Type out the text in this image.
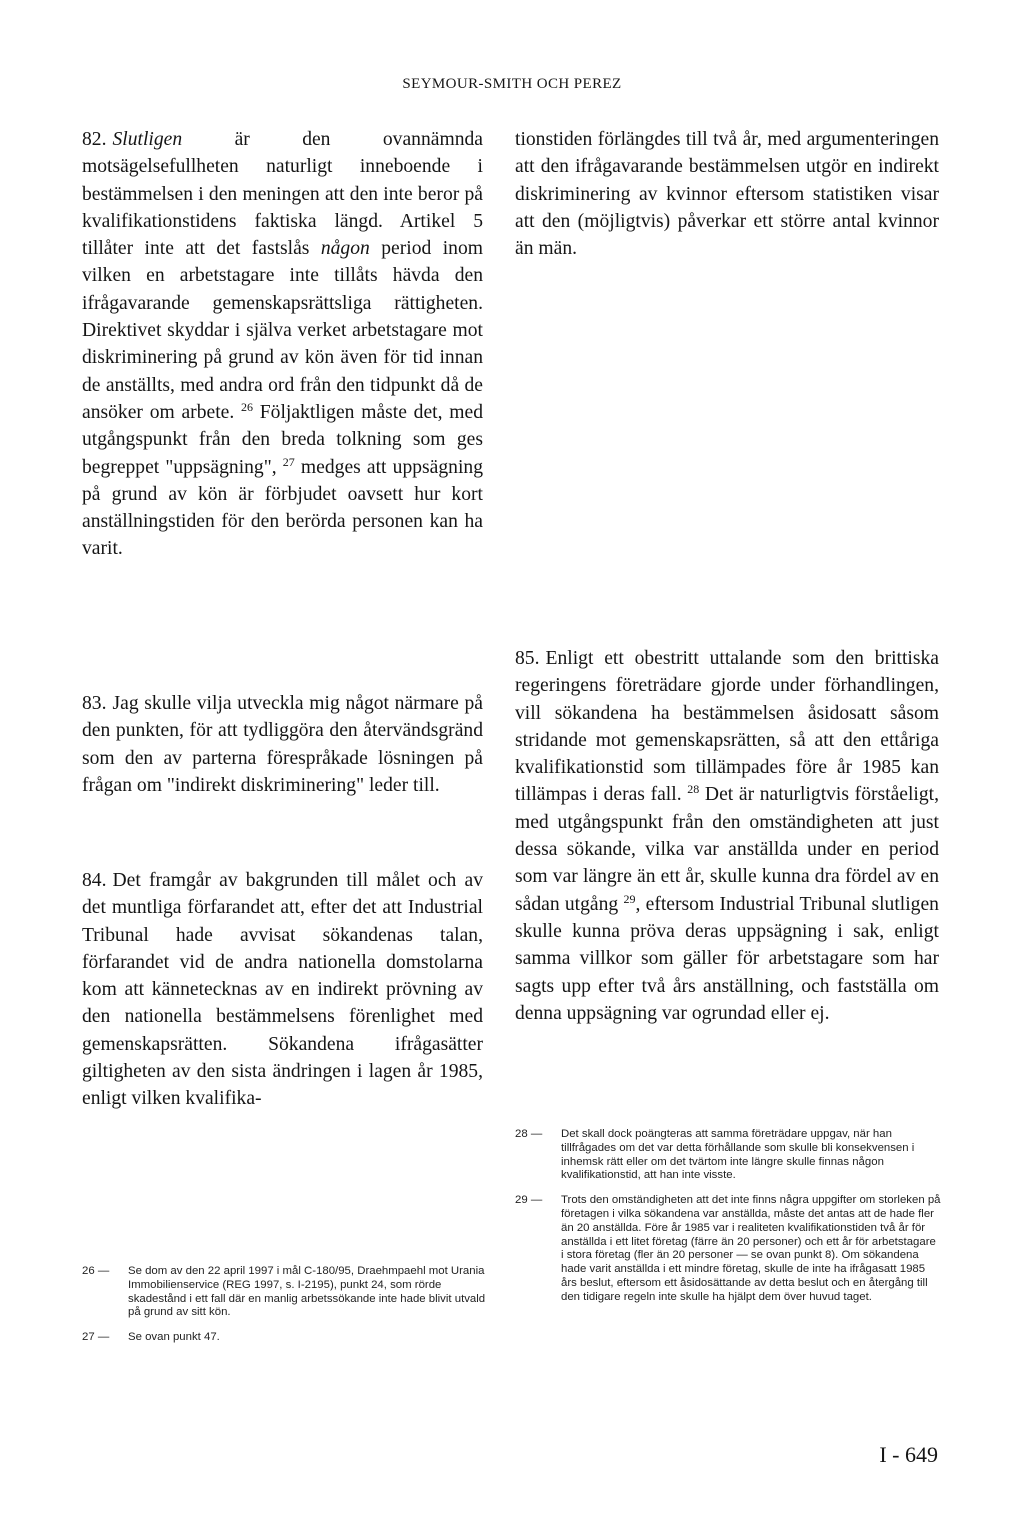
SEYMOUR-SMITH OCH PEREZ

82. Slutligen är den ovannämnda motsägelsefullheten naturligt inneboende i bestämmelsen i den meningen att den inte beror på kvalifikationstidens faktiska längd. Artikel 5 tillåter inte att det fastslås någon period inom vilken en arbetstagare inte tillåts hävda den ifrågavarande gemenskapsrättsliga rättigheten. Direktivet skyddar i själva verket arbetstagare mot diskriminering på grund av kön även för tid innan de anställts, med andra ord från den tidpunkt då de ansöker om arbete. $^{26}$ Följaktligen måste det, med utgångspunkt från den breda tolkning som ges begreppet "uppsägning", $^{27}$ medges att uppsägning på grund av kön är förbjudet oavsett hur kort anställningstiden för den berörda personen kan ha varit.

tionstiden förlängdes till två år, med argumenteringen att den ifrågavarande bestämmelsen utgör en indirekt diskriminering av kvinnor eftersom statistiken visar att den (möjligtvis) påverkar ett större antal kvinnor än män.

83. Jag skulle vilja utveckla mig något närmare på den punkten, för att tydliggöra den återvändsgränd som den av parterna förespråkade lösningen på frågan om "indirekt diskriminering" leder till.

84. Det framgår av bakgrunden till målet och av det muntliga förfarandet att, efter det att Industrial Tribunal hade avvisat sökandenas talan, förfarandet vid de andra nationella domstolarna kom att kännetecknas av en indirekt prövning av den nationella bestämmelsens förenlighet med gemenskapsrätten. Sökandena ifrågasätter giltigheten av den sista ändringen i lagen år 1985, enligt vilken kvalifika-

85. Enligt ett obestritt uttalande som den brittiska regeringens företrädare gjorde under förhandlingen, vill sökandena ha bestämmelsen åsidosatt såsom stridande mot gemenskapsrätten, så att den ettåriga kvalifikationstid som tillämpades före år 1985 kan tillämpas i deras fall. $^{28}$ Det är naturligtvis förståeligt, med utgångspunkt från den omständigheten att just dessa sökande, vilka var anställda under en period som var längre än ett år, skulle kunna dra fördel av en sådan utgång $^{29}$, eftersom Industrial Tribunal slutligen skulle kunna pröva deras uppsägning i sak, enligt samma villkor som gäller för arbetstagare som har sagts upp efter två års anställning, och fastställa om denna uppsägning var ogrundad eller ej.

26 —	Se dom av den 22 april 1997 i mål C-180/95, Draehmpaehl mot Urania Immobilienservice (REG 1997, s. I-2195), punkt 24, som rörde skadestånd i ett fall där en manlig arbetssökande inte hade blivit utvald på grund av sitt kön.
27 —	Se ovan punkt 47.
28 —	Det skall dock poängteras att samma företrädare uppgav, när han tillfrågades om det var detta förhållande som skulle bli konsekvensen i inhemsk rätt eller om det tvärtom inte längre skulle finnas någon kvalifikationstid, att han inte visste.
29 —	Trots den omständigheten att det inte finns några uppgifter om storleken på företagen i vilka sökandena var anställda, måste det antas att de hade fler än 20 anställda. Före år 1985 var i realiteten kvalifikationstiden två år för anställda i ett litet företag (färre än 20 personer) och ett år för arbetstagare i stora företag (fler än 20 personer — se ovan punkt 8). Om sökandena hade varit anställda i ett mindre företag, skulle de inte ha ifrågasatt 1985 års beslut, eftersom ett åsidosättande av detta beslut och en återgång till den tidigare regeln inte skulle ha hjälpt dem över huvud taget.
I - 649
